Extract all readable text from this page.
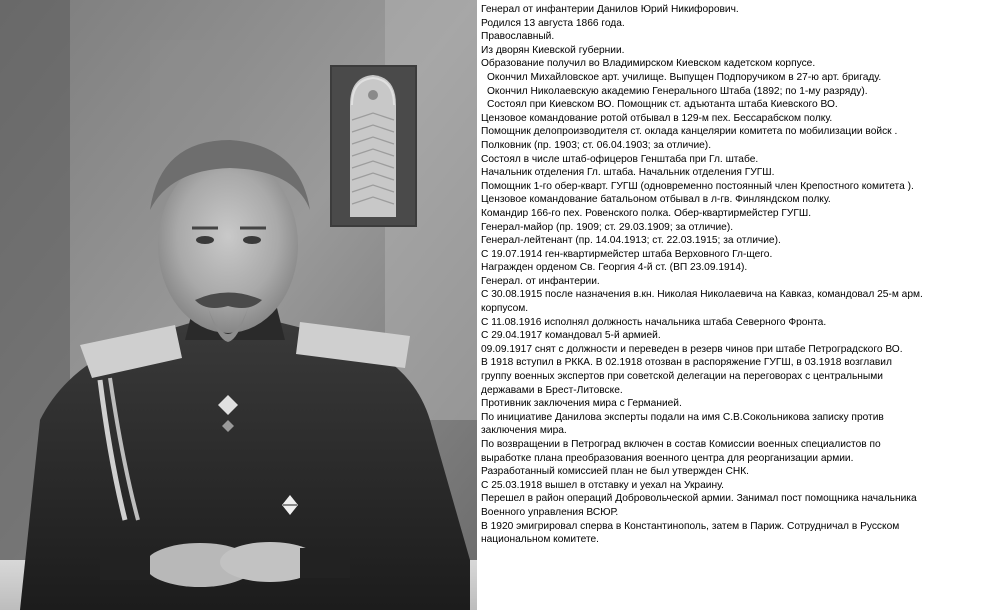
Генерал от инфантерии Данилов Юрий Никифорович.
Родился 13 августа 1866 года.
Православный.
Из дворян Киевской губернии.
Образование получил во Владимирском Киевском кадетском корпусе.
Окончил Михайловское арт. училище. Выпущен Подпоручиком в 27-ю арт. бригаду.
Окончил Николаевскую академию Генерального Штаба (1892; по 1-му разряду).
Состоял при Киевском ВО. Помощник ст. адъютанта штаба Киевского ВО.
Цензовое командование ротой отбывал в 129-м пех. Бессарабском полку.
Помощник делопроизводителя ст. оклада канцелярии комитета по мобилизации войск .
Полковник (пр. 1903; ст. 06.04.1903; за отличие).
Состоял в числе штаб-офицеров Генштаба при Гл. штабе.
Начальник отделения Гл. штаба. Начальник отделения ГУГШ.
Помощник 1-го обер-кварт. ГУГШ (одновременно постоянный член Крепостного комитета ).
Цензовое командование батальоном отбывал в л-гв. Финляндском полку.
Командир 166-го пех. Ровенского полка. Обер-квартирмейстер ГУГШ.
Генерал-майор (пр. 1909; ст. 29.03.1909; за отличие).
Генерал-лейтенант (пр. 14.04.1913; ст. 22.03.1915; за отличие).
С 19.07.1914 ген-квартирмейстер штаба Верховного Гл-щего.
Награжден орденом Св. Георгия 4-й ст. (ВП 23.09.1914).
Генерал. от инфантерии.
С 30.08.1915 после назначения в.кн. Николая Николаевича на Кавказ, командовал 25-м арм.
корпусом.
С 11.08.1916 исполнял должность начальника штаба Северного Фронта.
С 29.04.1917 командовал 5-й армией.
09.09.1917 снят с должности и переведен в резерв чинов при штабе Петроградского ВО.
В 1918 вступил в РККА. В 02.1918 отозван в распоряжение ГУГШ, в 03.1918 возглавил
группу военных экспертов при советской делегации на переговорах с центральными
державами в Брест-Литовске.
Противник заключения мира с Германией.
По инициативе Данилова эксперты подали на имя С.В.Сокольникова записку против
заключения мира.
По возвращении в Петроград включен в состав Комиссии военных специалистов по
выработке плана преобразования военного центра для реорганизации армии.
Разработанный комиссией план не был утвержден СНК.
С 25.03.1918 вышел в отставку и уехал на Украину.
Перешел в район операций Добровольческой армии. Занимал пост помощника начальника
Военного управления ВСЮР.
В 1920 эмигрировал сперва в Константинополь, затем в Париж. Сотрудничал в Русском
национальном комитете.
